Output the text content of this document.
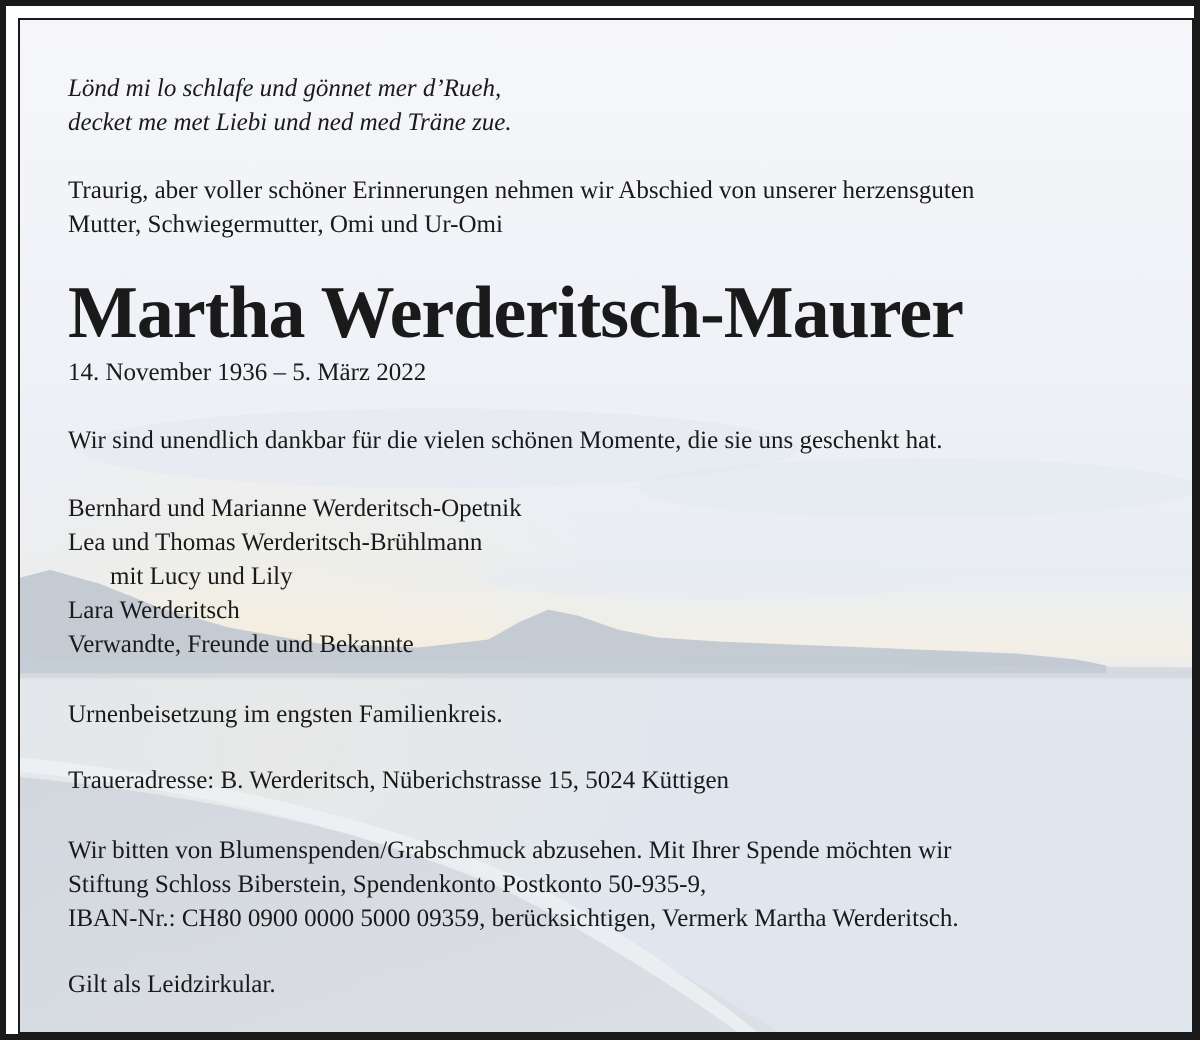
Lönd mi lo schlafe und gönnet mer d’Rueh,
decket me met Liebi und ned med Träne zue.
Traurig, aber voller schöner Erinnerungen nehmen wir Abschied von unserer herzensguten
Mutter, Schwiegermutter, Omi und Ur-Omi
Martha Werderitsch-Maurer
14. November 1936 – 5. März 2022
Wir sind unendlich dankbar für die vielen schönen Momente, die sie uns geschenkt hat.
Bernhard und Marianne Werderitsch-Opetnik
Lea und Thomas Werderitsch-Brühlmann
mit Lucy und Lily
Lara Werderitsch
Verwandte, Freunde und Bekannte
Urnenbeisetzung im engsten Familienkreis.
Traueradresse: B. Werderitsch, Nüberichstrasse 15, 5024 Küttigen
Wir bitten von Blumenspenden/Grabschmuck abzusehen. Mit Ihrer Spende möchten wir
Stiftung Schloss Biberstein, Spendenkonto Postkonto 50-935-9,
IBAN-Nr.: CH80 0900 0000 5000 09359, berücksichtigen, Vermerk Martha Werderitsch.
Gilt als Leidzirkular.
